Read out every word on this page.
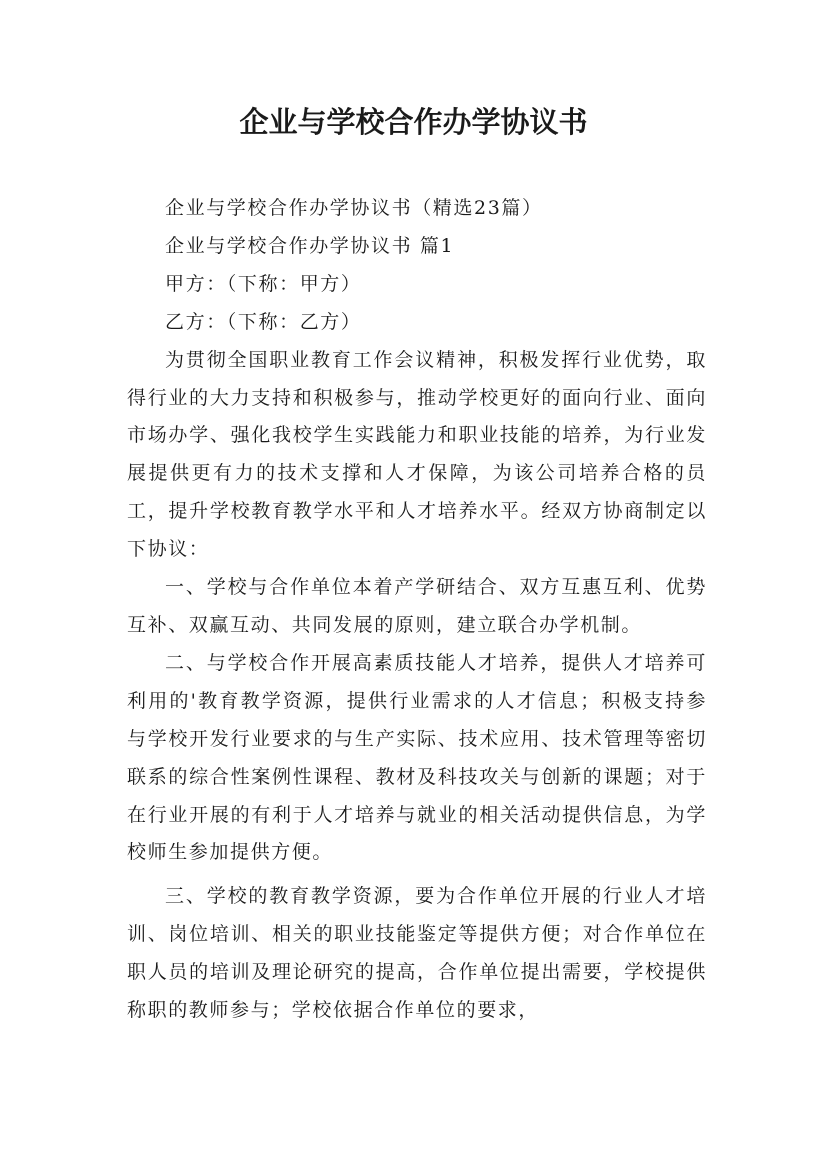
企业与学校合作办学协议书

企业与学校合作办学协议书（精选23篇）

企业与学校合作办学协议书 篇1

甲方：（下称：甲方）

乙方：（下称：乙方）

为贯彻全国职业教育工作会议精神，积极发挥行业优势，取得行业的大力支持和积极参与，推动学校更好的面向行业、面向市场办学、强化我校学生实践能力和职业技能的培养，为行业发展提供更有力的技术支撑和人才保障，为该公司培养合格的员工，提升学校教育教学水平和人才培养水平。经双方协商制定以下协议：

一、学校与合作单位本着产学研结合、双方互惠互利、优势互补、双赢互动、共同发展的原则，建立联合办学机制。

二、与学校合作开展高素质技能人才培养，提供人才培养可利用的'教育教学资源，提供行业需求的人才信息；积极支持参与学校开发行业要求的与生产实际、技术应用、技术管理等密切联系的综合性案例性课程、教材及科技攻关与创新的课题；对于在行业开展的有利于人才培养与就业的相关活动提供信息，为学校师生参加提供方便。

三、学校的教育教学资源，要为合作单位开展的行业人才培训、岗位培训、相关的职业技能鉴定等提供方便；对合作单位在职人员的培训及理论研究的提高，合作单位提出需要，学校提供称职的教师参与；学校依据合作单位的要求，
